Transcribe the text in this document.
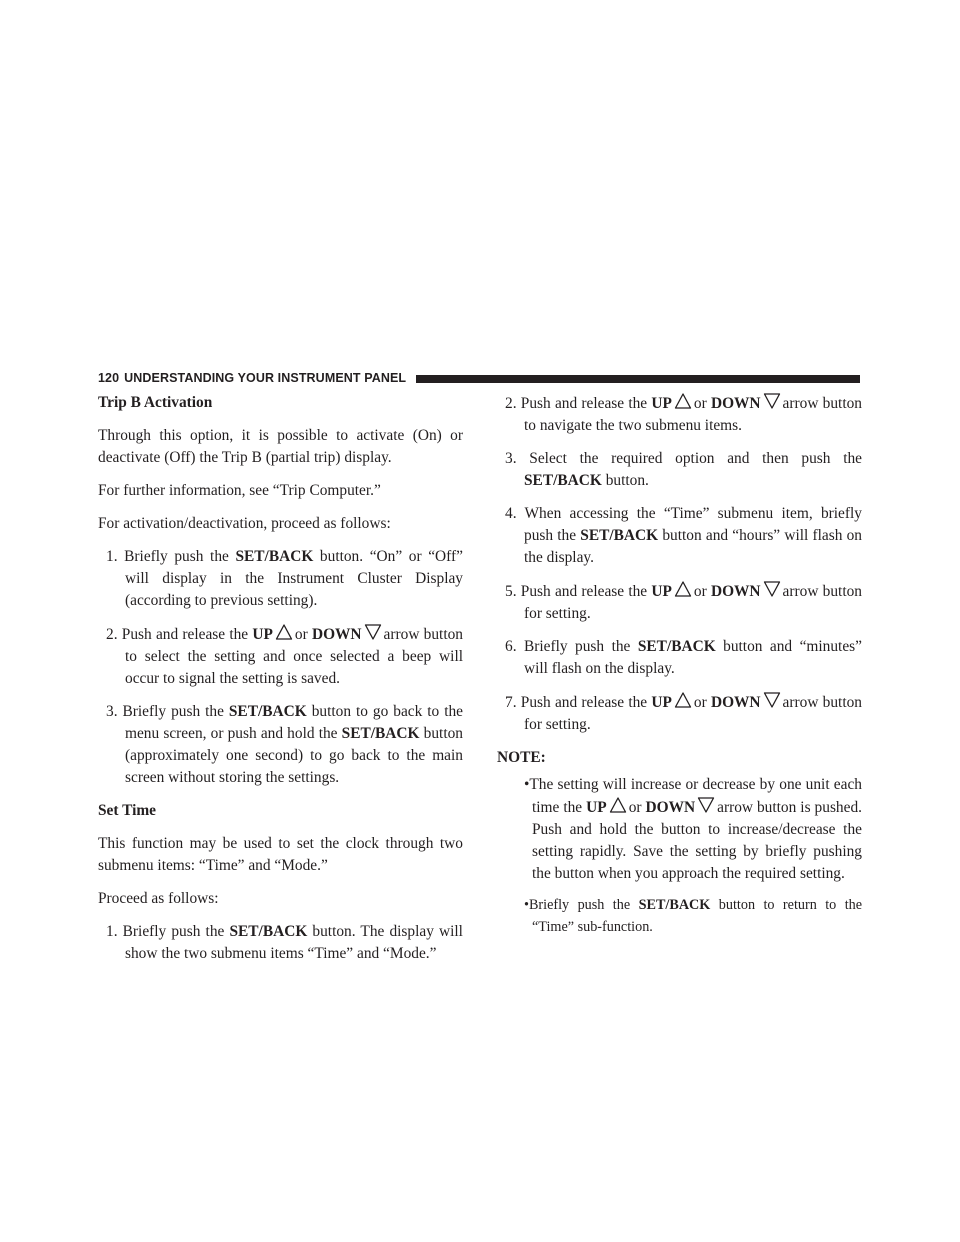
120 UNDERSTANDING YOUR INSTRUMENT PANEL
Trip B Activation
Through this option, it is possible to activate (On) or deactivate (Off) the Trip B (partial trip) display.
For further information, see “Trip Computer.”
For activation/deactivation, proceed as follows:
1. Briefly push the SET/BACK button. “On” or “Off” will display in the Instrument Cluster Display (according to previous setting).
2. Push and release the UP or DOWN arrow button to select the setting and once selected a beep will occur to signal the setting is saved.
3. Briefly push the SET/BACK button to go back to the menu screen, or push and hold the SET/BACK button (approximately one second) to go back to the main screen without storing the settings.
Set Time
This function may be used to set the clock through two submenu items: “Time” and “Mode.”
Proceed as follows:
1. Briefly push the SET/BACK button. The display will show the two submenu items “Time” and “Mode.”
2. Push and release the UP or DOWN arrow button to navigate the two submenu items.
3. Select the required option and then push the SET/BACK button.
4. When accessing the “Time” submenu item, briefly push the SET/BACK button and “hours” will flash on the display.
5. Push and release the UP or DOWN arrow button for setting.
6. Briefly push the SET/BACK button and “minutes” will flash on the display.
7. Push and release the UP or DOWN arrow button for setting.
NOTE:
•The setting will increase or decrease by one unit each time the UP or DOWN arrow button is pushed. Push and hold the button to increase/decrease the setting rapidly. Save the setting by briefly pushing the button when you approach the required setting.
•Briefly push the SET/BACK button to return to the “Time” sub-function.
